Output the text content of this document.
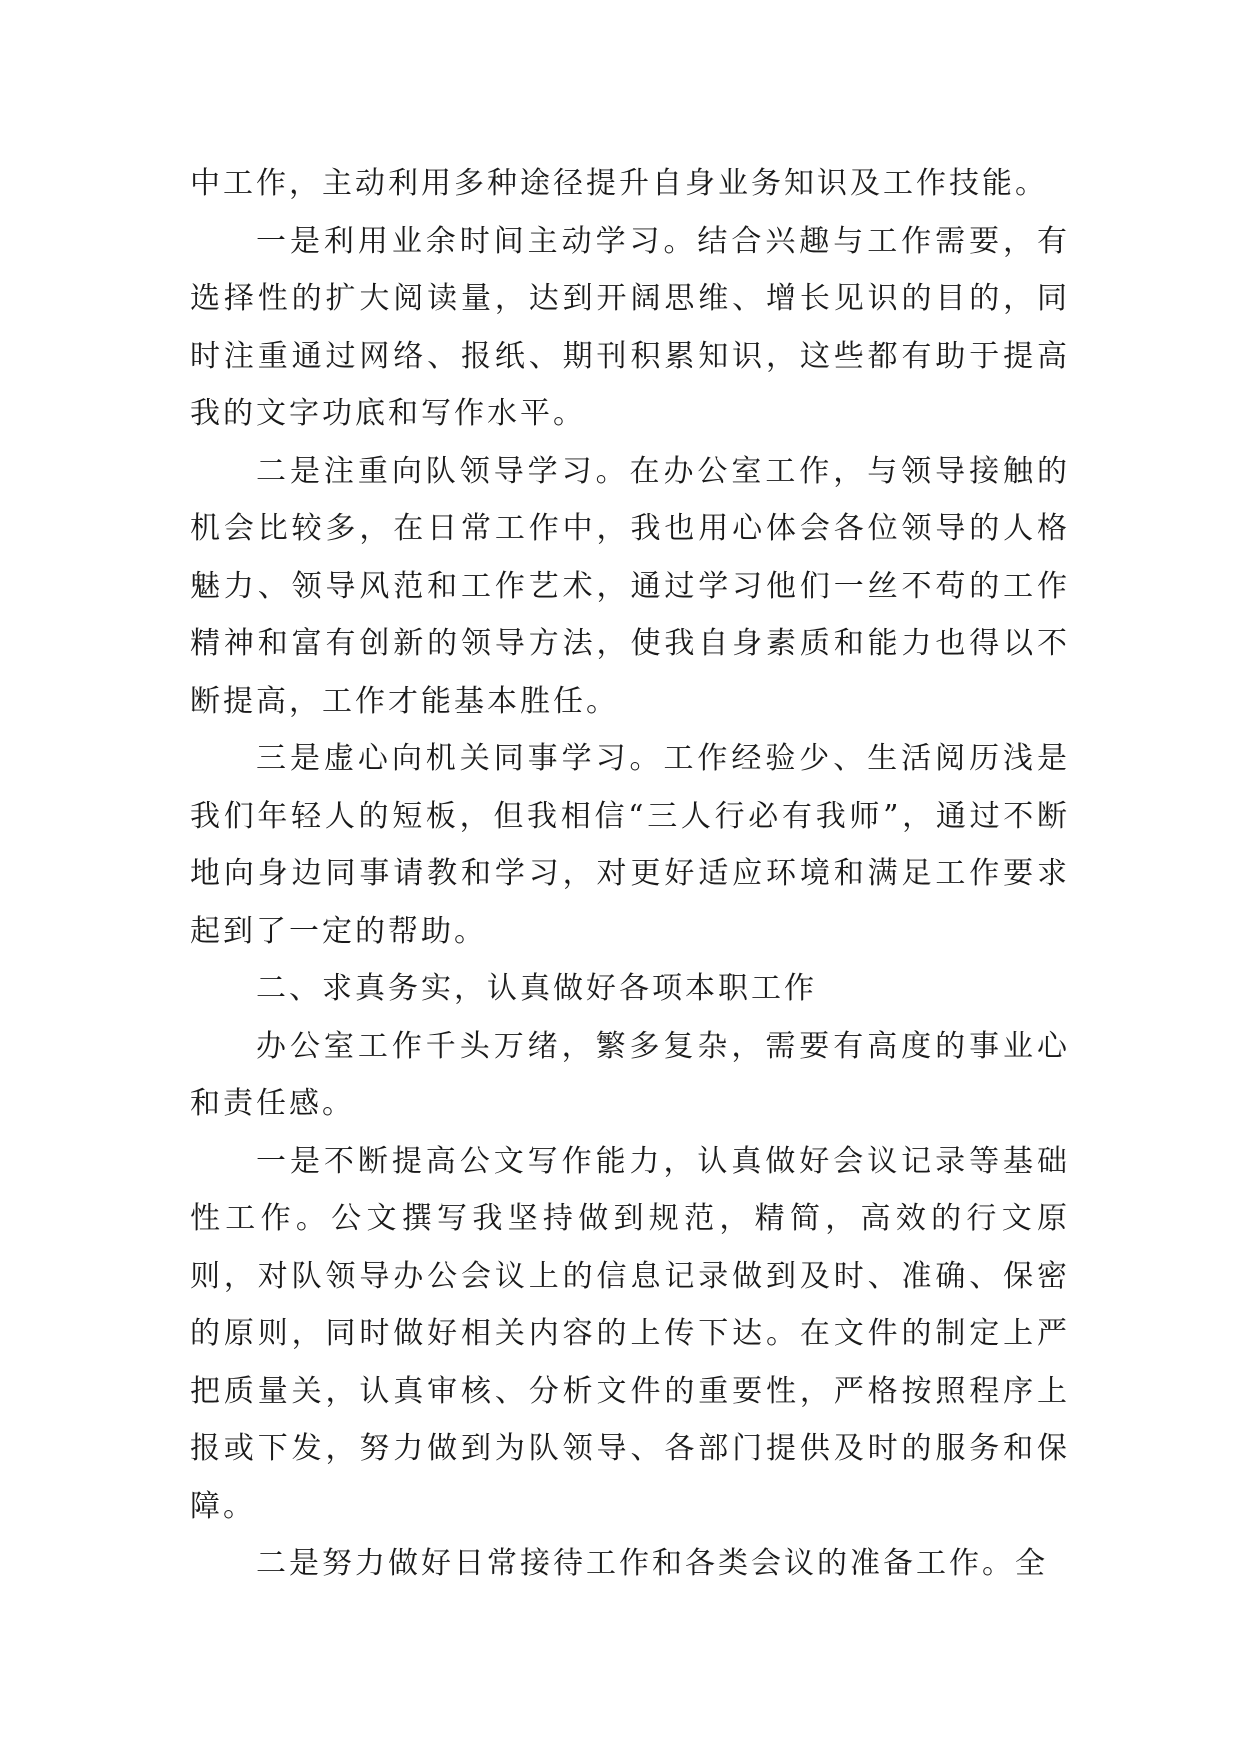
中工作，主动利用多种途径提升自身业务知识及工作技能。

一是利用业余时间主动学习。结合兴趣与工作需要，有选择性的扩大阅读量，达到开阔思维、增长见识的目的，同时注重通过网络、报纸、期刊积累知识，这些都有助于提高我的文字功底和写作水平。

二是注重向队领导学习。在办公室工作，与领导接触的机会比较多，在日常工作中，我也用心体会各位领导的人格魅力、领导风范和工作艺术，通过学习他们一丝不苟的工作精神和富有创新的领导方法，使我自身素质和能力也得以不断提高，工作才能基本胜任。

三是虚心向机关同事学习。工作经验少、生活阅历浅是我们年轻人的短板，但我相信“三人行必有我师”，通过不断地向身边同事请教和学习，对更好适应环境和满足工作要求起到了一定的帮助。

二、求真务实，认真做好各项本职工作

办公室工作千头万绪，繁多复杂，需要有高度的事业心和责任感。

一是不断提高公文写作能力，认真做好会议记录等基础性工作。公文撰写我坚持做到规范，精简，高效的行文原则，对队领导办公会议上的信息记录做到及时、准确、保密的原则，同时做好相关内容的上传下达。在文件的制定上严把质量关，认真审核、分析文件的重要性，严格按照程序上报或下发，努力做到为队领导、各部门提供及时的服务和保障。

二是努力做好日常接待工作和各类会议的准备工作。全
